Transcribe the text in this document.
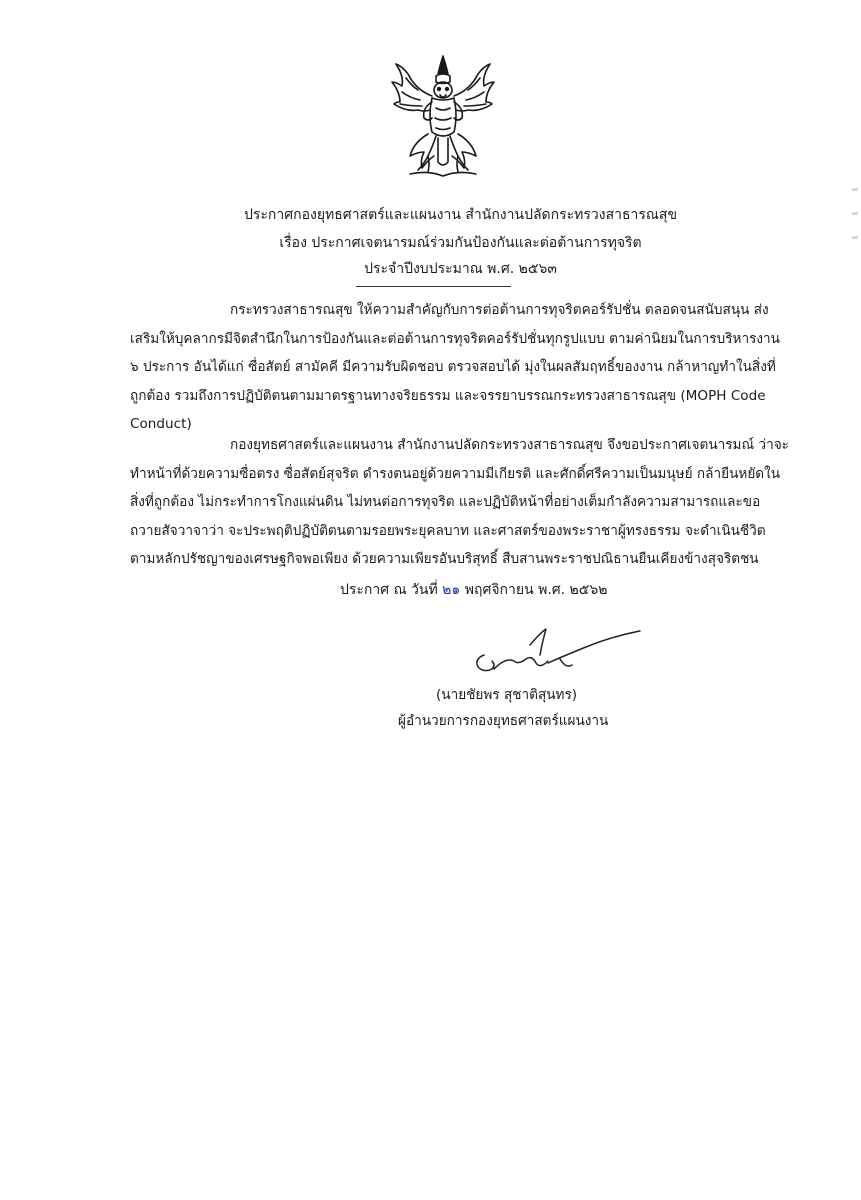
ประกาศกองยุทธศาสตร์และแผนงาน สำนักงานปลัดกระทรวงสาธารณสุข
เรื่อง ประกาศเจตนารมณ์ร่วมกันป้องกันและต่อต้านการทุจริต
ประจำปีงบประมาณ พ.ศ. ๒๕๖๓
กระทรวงสาธารณสุข ให้ความสำคัญกับการต่อต้านการทุจริตคอร์รัปชั่น ตลอดจนสนับสนุน ส่งเสริมให้บุคลากรมีจิตสำนึกในการป้องกันและต่อต้านการทุจริตคอร์รัปชั่นทุกรูปแบบ ตามค่านิยมในการบริหารงาน ๖ ประการ อันได้แก่ ซื่อสัตย์ สามัคคี มีความรับผิดชอบ ตรวจสอบได้ มุ่งในผลสัมฤทธิ์ของงาน กล้าหาญทำในสิ่งที่ถูกต้อง รวมถึงการปฏิบัติตนตามมาตรฐานทางจริยธรรม และจรรยาบรรณกระทรวงสาธารณสุข (MOPH Code Conduct)
กองยุทธศาสตร์และแผนงาน สำนักงานปลัดกระทรวงสาธารณสุข จึงขอประกาศเจตนารมณ์ ว่าจะทำหน้าที่ด้วยความซื่อตรง ซื่อสัตย์สุจริต ดำรงตนอยู่ด้วยความมีเกียรติ และศักดิ์ศรีความเป็นมนุษย์ กล้ายืนหยัดในสิ่งที่ถูกต้อง ไม่กระทำการโกงแผ่นดิน ไม่ทนต่อการทุจริต และปฏิบัติหน้าที่อย่างเต็มกำลังความสามารถและขอถวายสัจวาจาว่า จะประพฤติปฏิบัติตนตามรอยพระยุคลบาท และศาสตร์ของพระราชาผู้ทรงธรรม จะดำเนินชีวิตตามหลักปรัชญาของเศรษฐกิจพอเพียง ด้วยความเพียรอันบริสุทธิ์ สืบสานพระราชปณิธานยืนเคียงข้างสุจริตชน
ประกาศ ณ วันที่ ๒๑ พฤศจิกายน พ.ศ. ๒๕๖๒
(นายชัยพร สุชาติสุนทร)
ผู้อำนวยการกองยุทธศาสตร์แผนงาน
